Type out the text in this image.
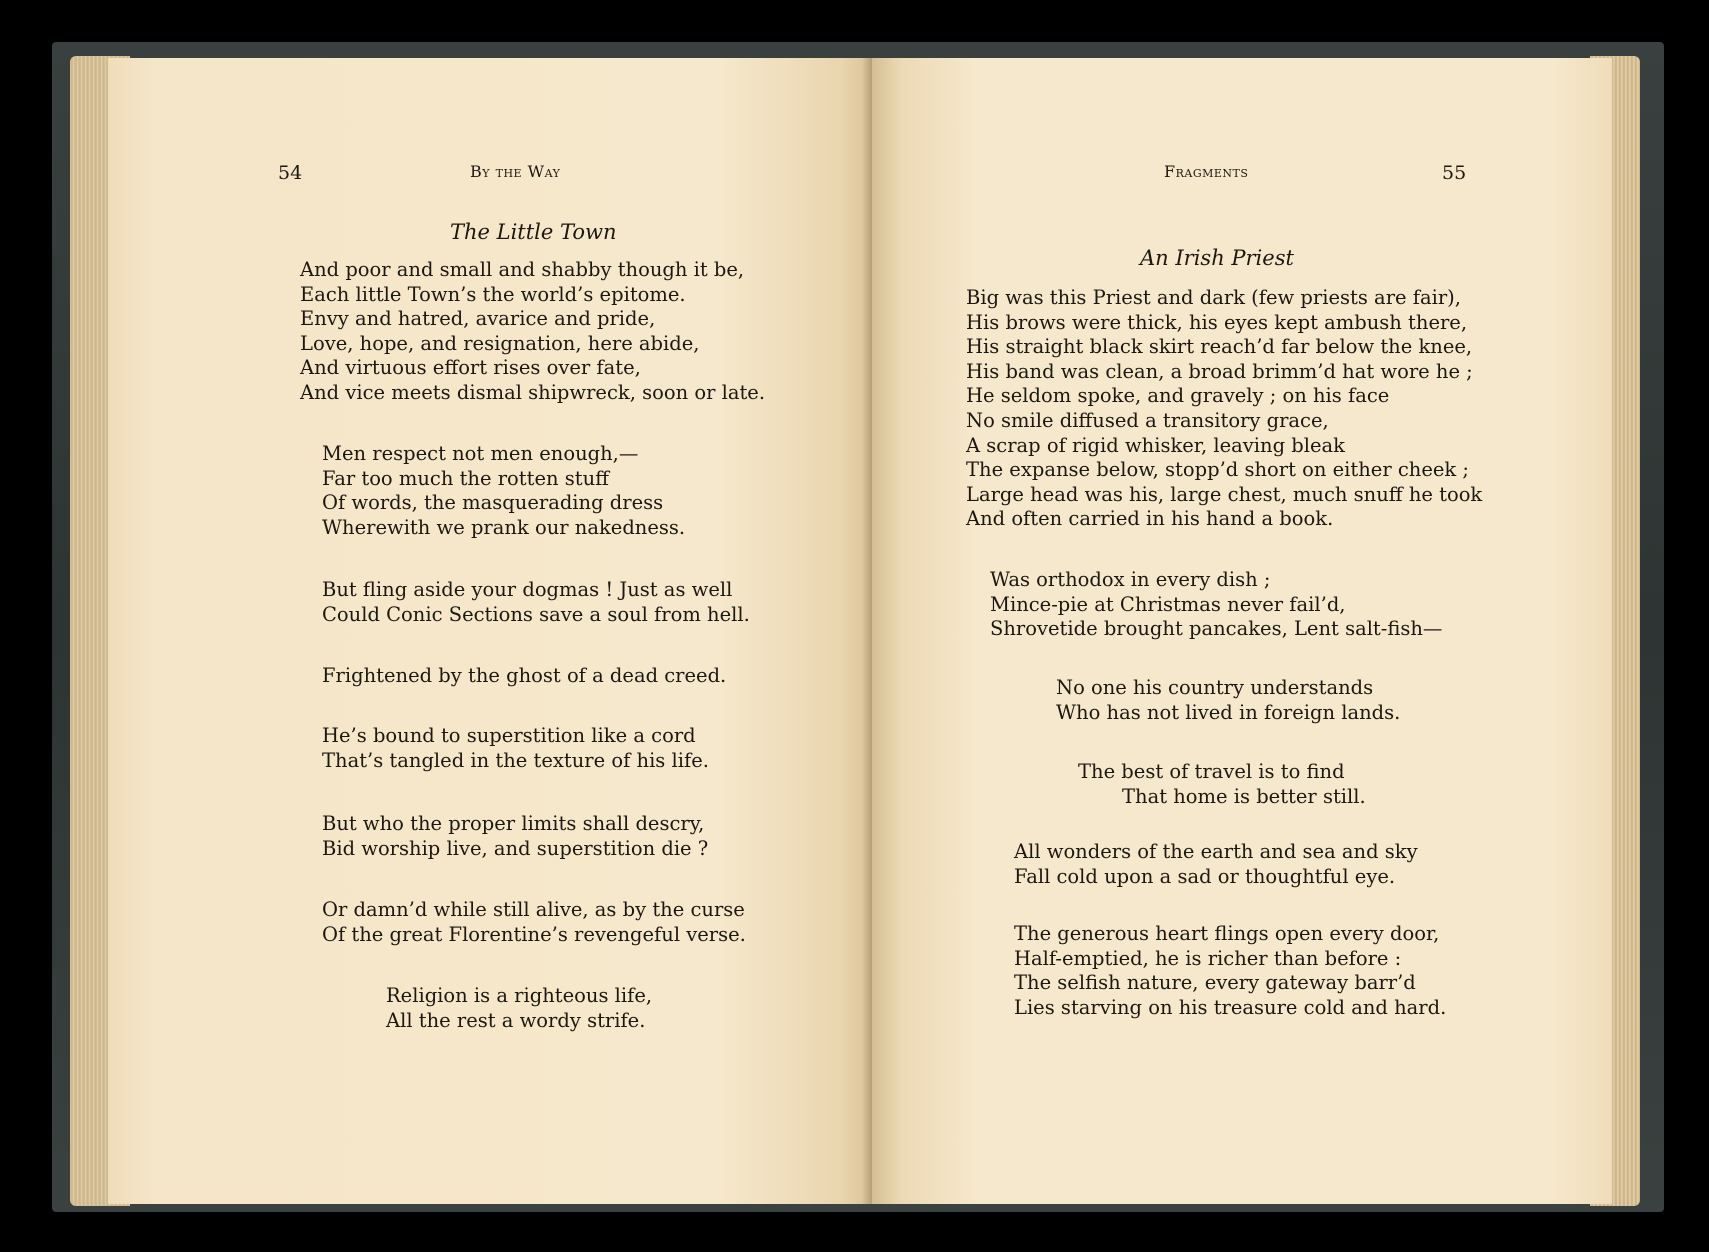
54	By the Way
The Little Town
And poor and small and shabby though it be,
Each little Town’s the world’s epitome.
Envy and hatred, avarice and pride,
Love, hope, and resignation, here abide,
And virtuous effort rises over fate,
And vice meets dismal shipwreck, soon or late.
Men respect not men enough,—
Far too much the rotten stuff
Of words, the masquerading dress
Wherewith we prank our nakedness.
But fling aside your dogmas ! Just as well
Could Conic Sections save a soul from hell.
Frightened by the ghost of a dead creed.
He’s bound to superstition like a cord
That’s tangled in the texture of his life.
But who the proper limits shall descry,
Bid worship live, and superstition die ?
Or damn’d while still alive, as by the curse
Of the great Florentine’s revengeful verse.
Religion is a righteous life,
All the rest a wordy strife.
Fragments	55
An Irish Priest
Big was this Priest and dark (few priests are fair),
His brows were thick, his eyes kept ambush there,
His straight black skirt reach’d far below the knee,
His band was clean, a broad brimm’d hat wore he ;
He seldom spoke, and gravely ; on his face
No smile diffused a transitory grace,
A scrap of rigid whisker, leaving bleak
The expanse below, stopp’d short on either cheek ;
Large head was his, large chest, much snuff he took
And often carried in his hand a book.
Was orthodox in every dish ;
Mince-pie at Christmas never fail’d,
Shrovetide brought pancakes, Lent salt-fish—
No one his country understands
Who has not lived in foreign lands.
The best of travel is to find
That home is better still.
All wonders of the earth and sea and sky
Fall cold upon a sad or thoughtful eye.
The generous heart flings open every door,
Half-emptied, he is richer than before :
The selfish nature, every gateway barr’d
Lies starving on his treasure cold and hard.
